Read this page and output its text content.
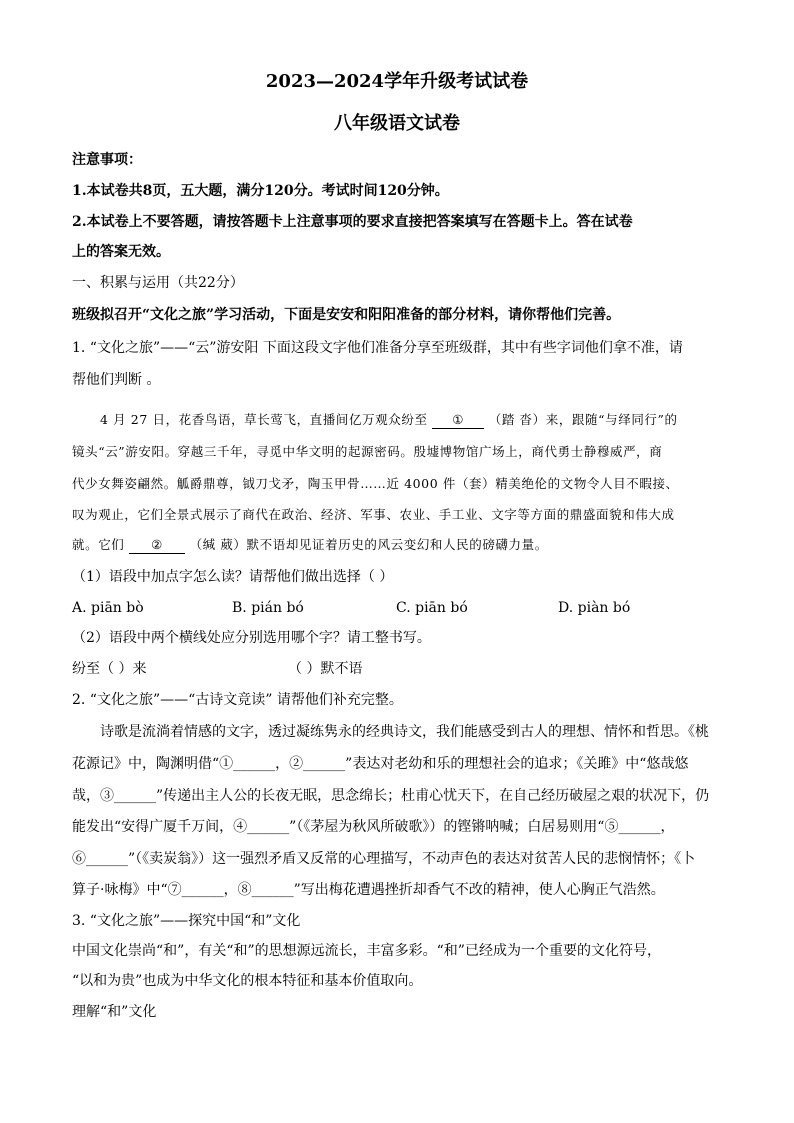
2023—2024学年升级考试试卷
八年级语文试卷
注意事项：
1.本试卷共8页，五大题，满分120分。考试时间120分钟。
2.本试卷上不要答题，请按答题卡上注意事项的要求直接把答案填写在答题卡上。答在试卷
上的答案无效。
一、积累与运用（共22分）
班级拟召开“文化之旅”学习活动，下面是安安和阳阳准备的部分材料，请你帮他们完善。
1. “文化之旅”——“云”游安阳 下面这段文字他们准备分享至班级群，其中有些字词他们拿不准，请
帮他们判断 。
4 月 27 日，花香鸟语，草长莺飞，直播间亿万观众纷至 ① （踏 沓）来，跟随“与绎同行”的
镜头“云”游安阳。穿越三千年，寻觅中华文明的起源密码。殷墟博物馆广场上，商代勇士静穆威严，商
代少女舞姿翩然。觚爵鼎尊，钺刀戈矛，陶玉甲骨……近 4000 件（套）精美绝伦的文物令人目不暇接、
叹为观止，它们全景式展示了商代在政治、经济、军事、农业、手工业、文字等方面的鼎盛面貌和伟大成
就。它们 ② （缄 葳）默不语却见证着历史的风云变幻和人民的磅礴力量。
（1）语段中加点字怎么读？请帮他们做出选择（ ）
A. piān bò	B. pián bó	C. piān bó	D. piàn bó
（2）语段中两个横线处应分别选用哪个字？请工整书写。
纷至（ ）来	（ ）默不语
2. “文化之旅”——“古诗文竞读” 请帮他们补充完整。
诗歌是流淌着情感的文字，透过凝练隽永的经典诗文，我们能感受到古人的理想、情怀和哲思。《桃
花源记》中，陶渊明借“①______，②______”表达对老幼和乐的理想社会的追求；《关雎》中“悠哉悠
哉，③______”传递出主人公的长夜无眠，思念绵长；杜甫心忧天下，在自己经历破屋之艰的状况下，仍
能发出“安得广厦千万间，④______”（《茅屋为秋风所破歌》）的铿锵呐喊；白居易则用“⑤______，
⑥______”（《卖炭翁》）这一强烈矛盾又反常的心理描写，不动声色的表达对贫苦人民的悲悯情怀；《卜
算子·咏梅》中“⑦______，⑧______”写出梅花遭遇挫折却香气不改的精神，使人心胸正气浩然。
3. “文化之旅”——探究中国“和”文化
中国文化崇尚“和”，有关“和”的思想源远流长，丰富多彩。“和”已经成为一个重要的文化符号，
“以和为贵”也成为中华文化的根本特征和基本价值取向。
理解“和”文化
